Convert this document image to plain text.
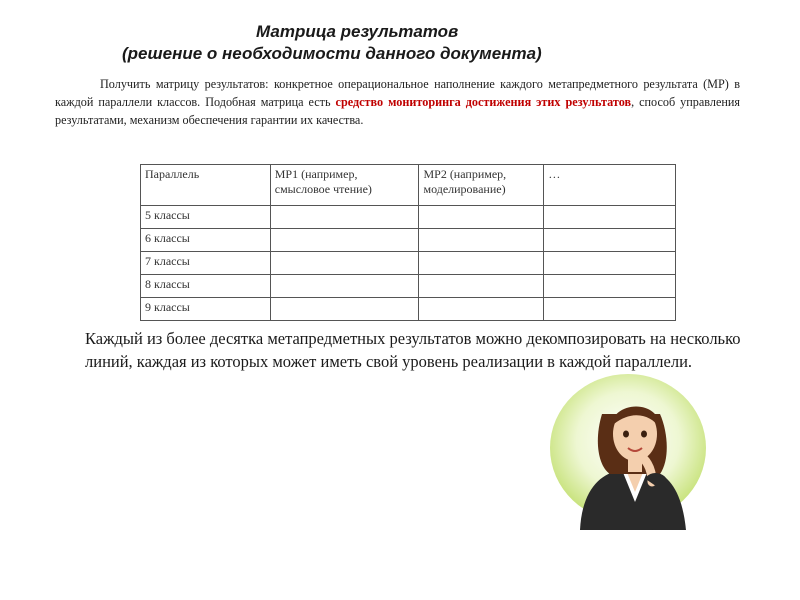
Матрица результатов
(решение о необходимости данного документа)

Получить матрицу результатов: конкретное операциональное наполнение каждого метапредметного результата (МР) в каждой параллели классов. Подобная матрица есть средство мониторинга достижения этих результатов, способ управления результатами, механизм обеспечения гарантии их качества.

Параллель	МР1 (например, смысловое чтение)	МР2 (например, моделирование)	…
5 классы			
6 классы			
7 классы			
8 классы			
9 классы			

Каждый из более десятка метапредметных результатов можно декомпозировать на несколько линий, каждая из которых может иметь свой уровень реализации в каждой параллели.
